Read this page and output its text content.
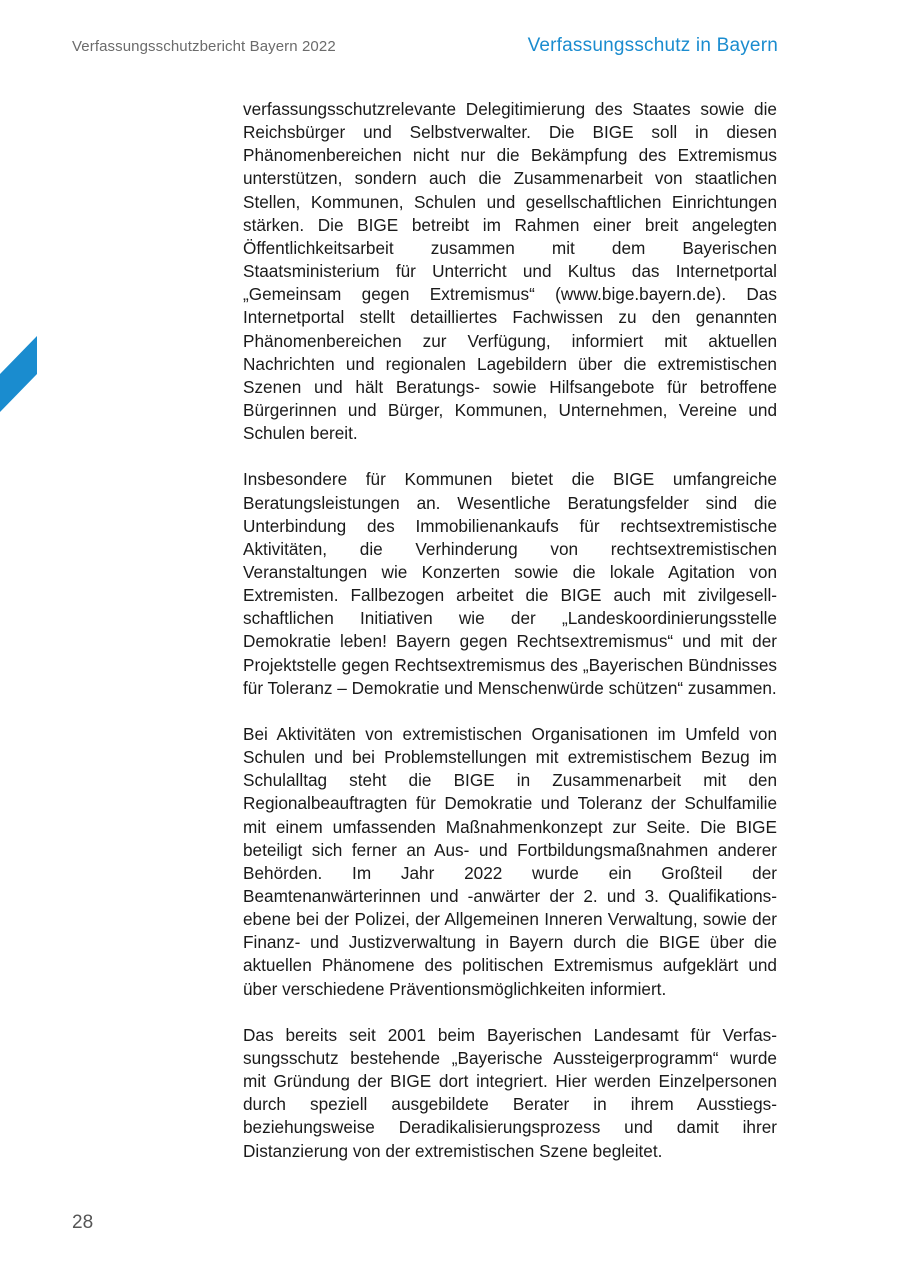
Verfassungsschutzbericht Bayern 2022	Verfassungsschutz in Bayern

verfassungsschutzrelevante Delegitimierung des Staates sowie die Reichsbürger und Selbstverwalter. Die BIGE soll in diesen Phänomenbereichen nicht nur die Bekämpfung des Extremismus unterstützen, sondern auch die Zusammenarbeit von staatlichen Stellen, Kommunen, Schulen und gesellschaftlichen Einrichtungen stärken. Die BIGE betreibt im Rahmen einer breit angelegten Öffentlichkeitsarbeit zusammen mit dem Bayerischen Staatsministerium für Unterricht und Kultus das Internetportal „Gemeinsam gegen Extremismus“ (www.bige.bayern.de). Das Internetportal stellt detailliertes Fachwissen zu den genannten Phänomenbereichen zur Verfügung, informiert mit aktuellen Nachrichten und regionalen Lagebildern über die extremistischen Szenen und hält Beratungs- sowie Hilfsangebote für betroffene Bürgerinnen und Bürger, Kommunen, Unternehmen, Vereine und Schulen bereit.

Insbesondere für Kommunen bietet die BIGE umfangreiche Beratungsleistungen an. Wesentliche Beratungsfelder sind die Unterbindung des Immobilienankaufs für rechtsextremistische Aktivitäten, die Verhinderung von rechtsextremistischen Veranstaltungen wie Konzerten sowie die lokale Agitation von Extremisten. Fallbezogen arbeitet die BIGE auch mit zivilgesellschaftlichen Initiativen wie der „Landeskoordinierungsstelle Demokratie leben! Bayern gegen Rechtsextremismus“ und mit der Projektstelle gegen Rechtsextremismus des „Bayerischen Bündnisses für Toleranz – Demokratie und Menschenwürde schützen“ zusammen.

Bei Aktivitäten von extremistischen Organisationen im Umfeld von Schulen und bei Problemstellungen mit extremistischem Bezug im Schulalltag steht die BIGE in Zusammenarbeit mit den Regionalbeauftragten für Demokratie und Toleranz der Schulfamilie mit einem umfassenden Maßnahmenkonzept zur Seite. Die BIGE beteiligt sich ferner an Aus- und Fortbildungsmaßnahmen anderer Behörden. Im Jahr 2022 wurde ein Großteil der Beamtenanwärterinnen und -anwärter der 2. und 3. Qualifikationsebene bei der Polizei, der Allgemeinen Inneren Verwaltung, sowie der Finanz- und Justizverwaltung in Bayern durch die BIGE über die aktuellen Phänomene des politischen Extremismus aufgeklärt und über verschiedene Präventionsmöglichkeiten informiert.

Das bereits seit 2001 beim Bayerischen Landesamt für Verfassungsschutz bestehende „Bayerische Aussteigerprogramm“ wurde mit Gründung der BIGE dort integriert. Hier werden Einzelpersonen durch speziell ausgebildete Berater in ihrem Ausstiegs- beziehungsweise Deradikalisierungsprozess und damit ihrer Distanzierung von der extremistischen Szene begleitet.

28
